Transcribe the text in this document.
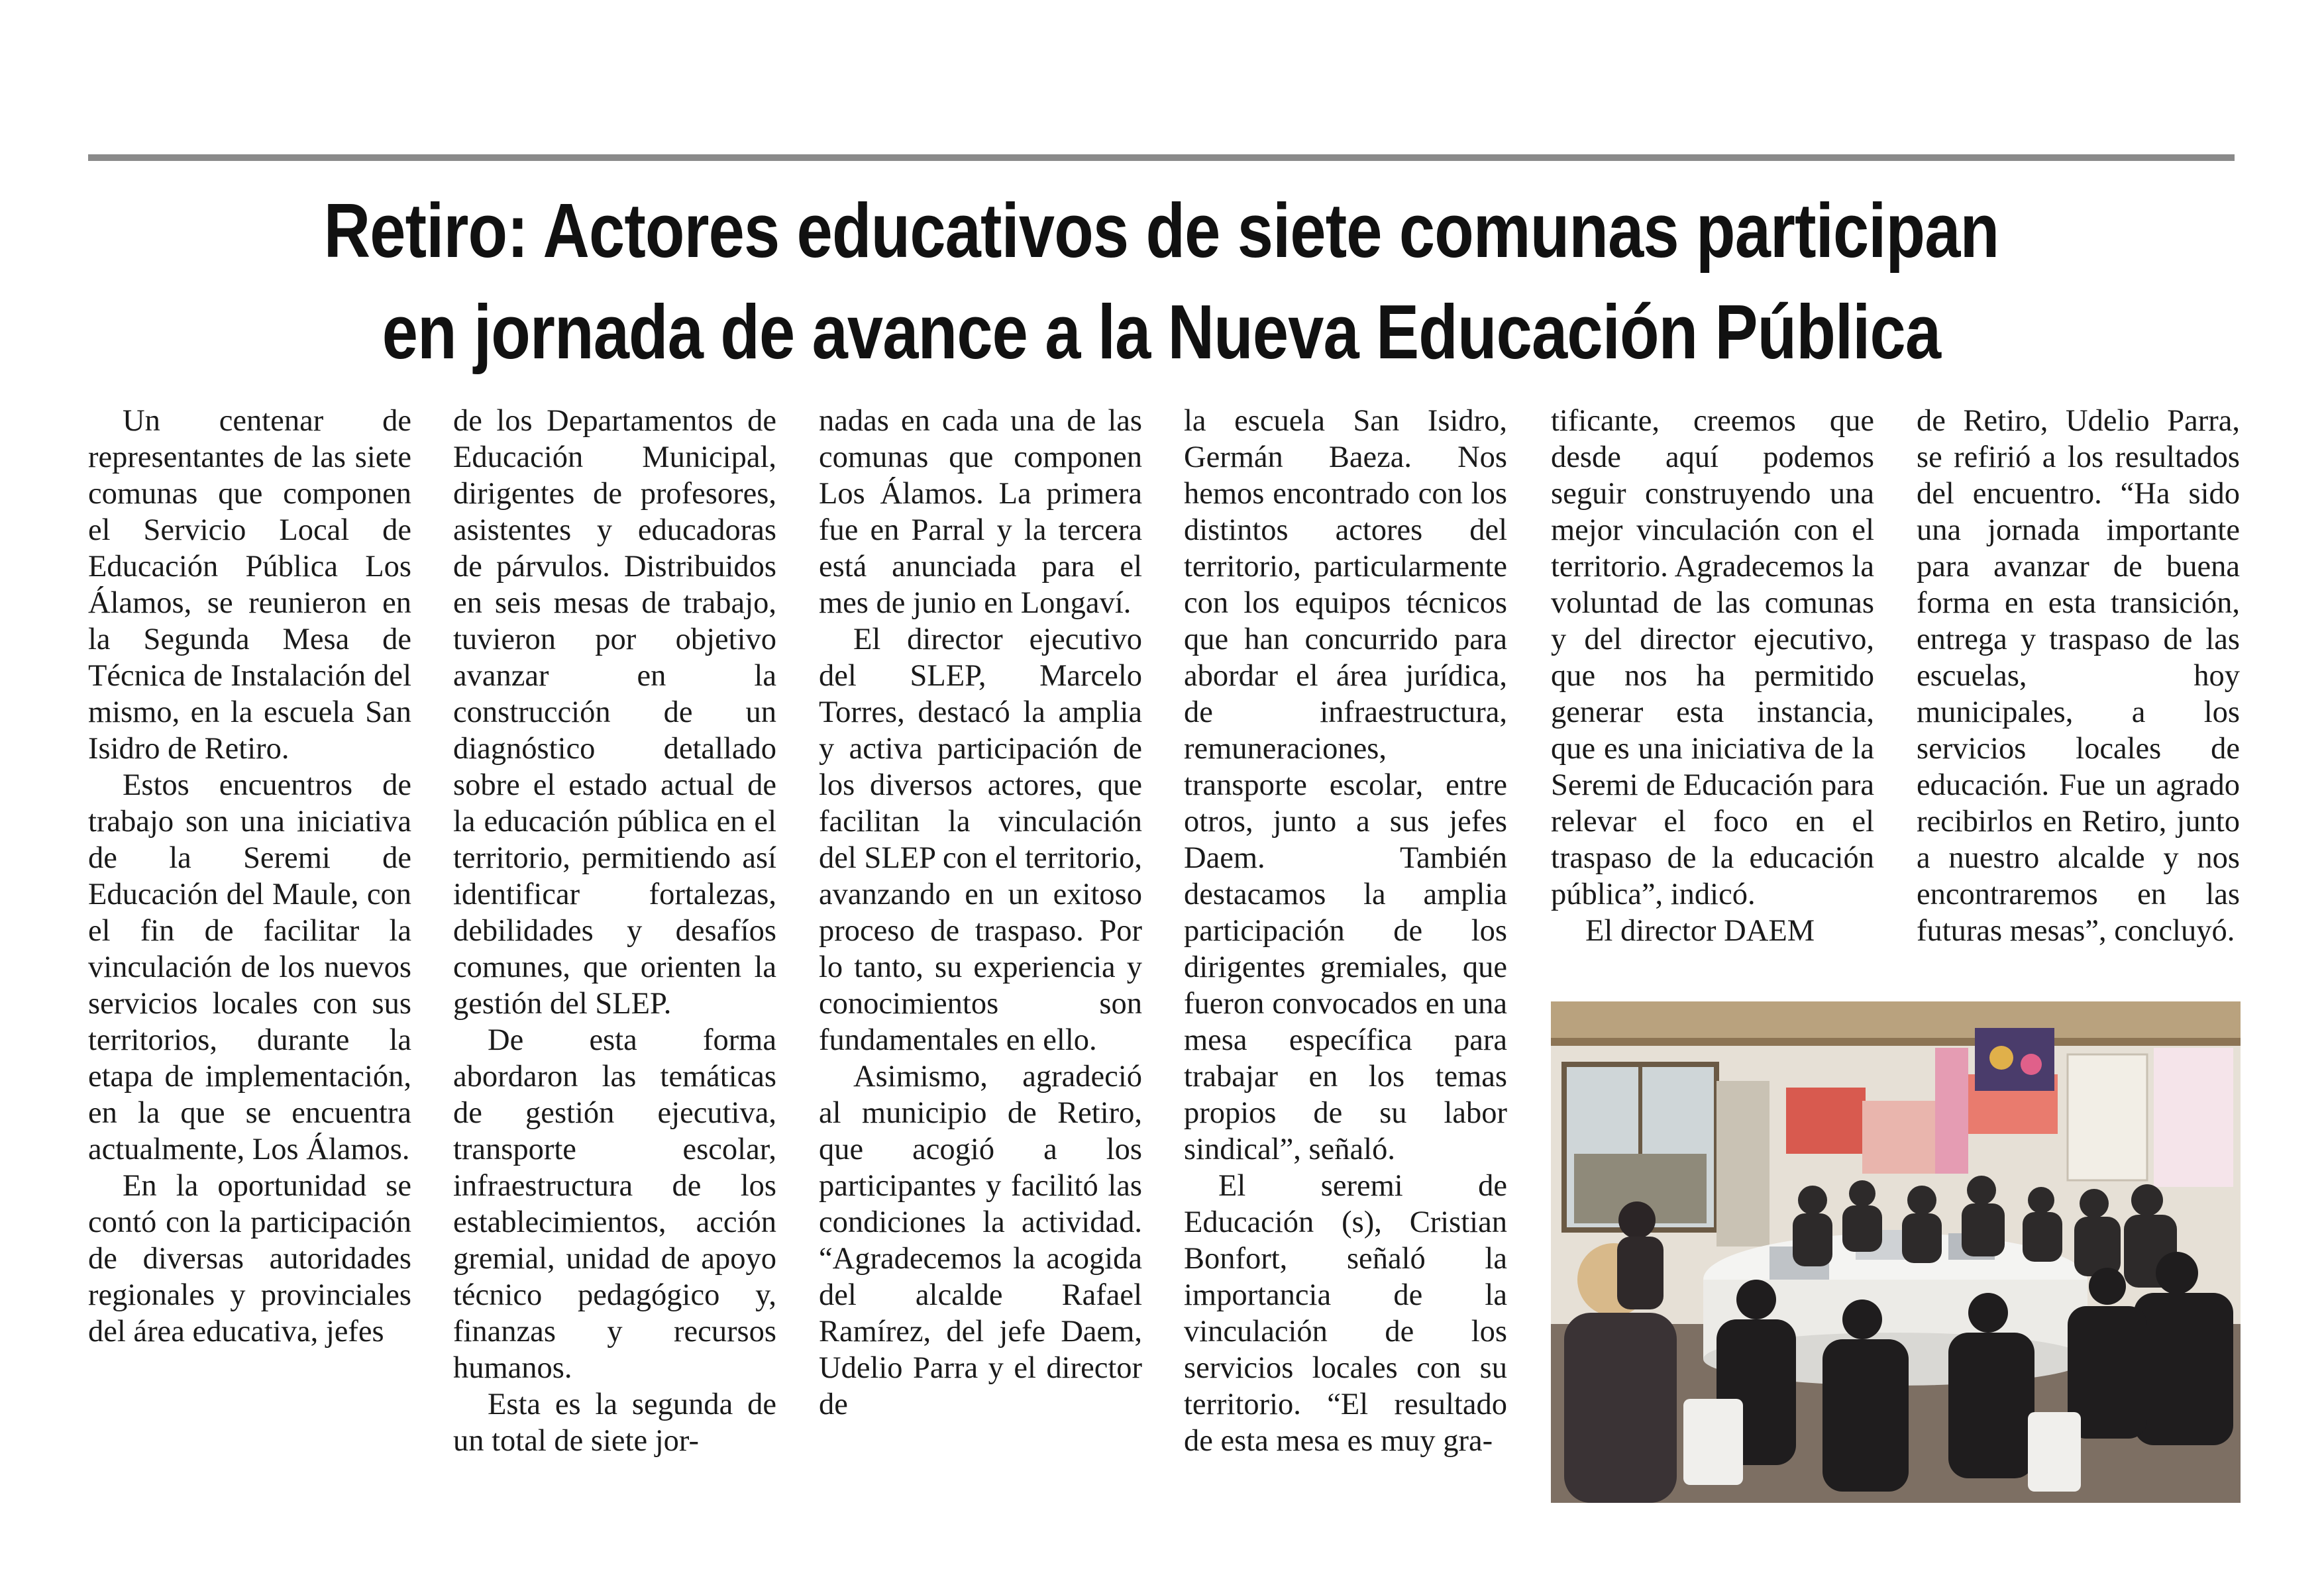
Retiro: Actores educativos de siete comunas participan
en jornada de avance a la Nueva Educación Pública

Un centenar de representantes de las siete comunas que componen el Servicio Local de Educación Pública Los Álamos, se reunieron en la Segunda Mesa de Técnica de Instalación del mismo, en la escuela San Isidro de Retiro.

Estos encuentros de trabajo son una iniciativa de la Seremi de Educación del Maule, con el fin de facilitar la vinculación de los nuevos servicios locales con sus territorios, durante la etapa de implementación, en la que se encuentra actualmente, Los Álamos.

En la oportunidad se contó con la participación de diversas autoridades regionales y provinciales del área educativa, jefes

de los Departamentos de Educación Municipal, dirigentes de profesores, asistentes y educadoras de párvulos. Distribuidos en seis mesas de trabajo, tuvieron por objetivo avanzar en la construcción de un diagnóstico detallado sobre el estado actual de la educación pública en el territorio, permitiendo así identificar fortalezas, debilidades y desafíos comunes, que orienten la gestión del SLEP.

De esta forma abordaron las temáticas de gestión ejecutiva, transporte escolar, infraestructura de los establecimientos, acción gremial, unidad de apoyo técnico pedagógico y, finanzas y recursos humanos.

Esta es la segunda de un total de siete jor-

nadas en cada una de las comunas que componen Los Álamos. La primera fue en Parral y la tercera está anunciada para el mes de junio en Longaví.

El director ejecutivo del SLEP, Marcelo Torres, destacó la amplia y activa participación de los diversos actores, que facilitan la vinculación del SLEP con el territorio, avanzando en un exitoso proceso de traspaso. Por lo tanto, su experiencia y conocimientos son fundamentales en ello.

Asimismo, agradeció al municipio de Retiro, que acogió a los participantes y facilitó las condiciones la actividad. “Agradecemos la acogida del alcalde Rafael Ramírez, del jefe Daem, Udelio Parra y el director de

la escuela San Isidro, Germán Baeza. Nos hemos encontrado con los distintos actores del territorio, particularmente con los equipos técnicos que han concurrido para abordar el área jurídica, de infraestructura, remuneraciones, transporte escolar, entre otros, junto a sus jefes Daem. También destacamos la amplia participación de los dirigentes gremiales, que fueron convocados en una mesa específica para trabajar en los temas propios de su labor sindical”, señaló.

El seremi de Educación (s), Cristian Bonfort, señaló la importancia de la vinculación de los servicios locales con su territorio. “El resultado de esta mesa es muy gra-

tificante, creemos que desde aquí podemos seguir construyendo una mejor vinculación con el territorio. Agradecemos la voluntad de las comunas y del director ejecutivo, que nos ha permitido generar esta instancia, que es una iniciativa de la Seremi de Educación para relevar el foco en el traspaso de la educación pública”, indicó.

El director DAEM

de Retiro, Udelio Parra, se refirió a los resultados del encuentro. “Ha sido una jornada importante para avanzar de buena forma en esta transición, entrega y traspaso de las escuelas, hoy municipales, a los servicios locales de educación. Fue un agrado recibirlos en Retiro, junto a nuestro alcalde y nos encontraremos en las futuras mesas”, concluyó.
